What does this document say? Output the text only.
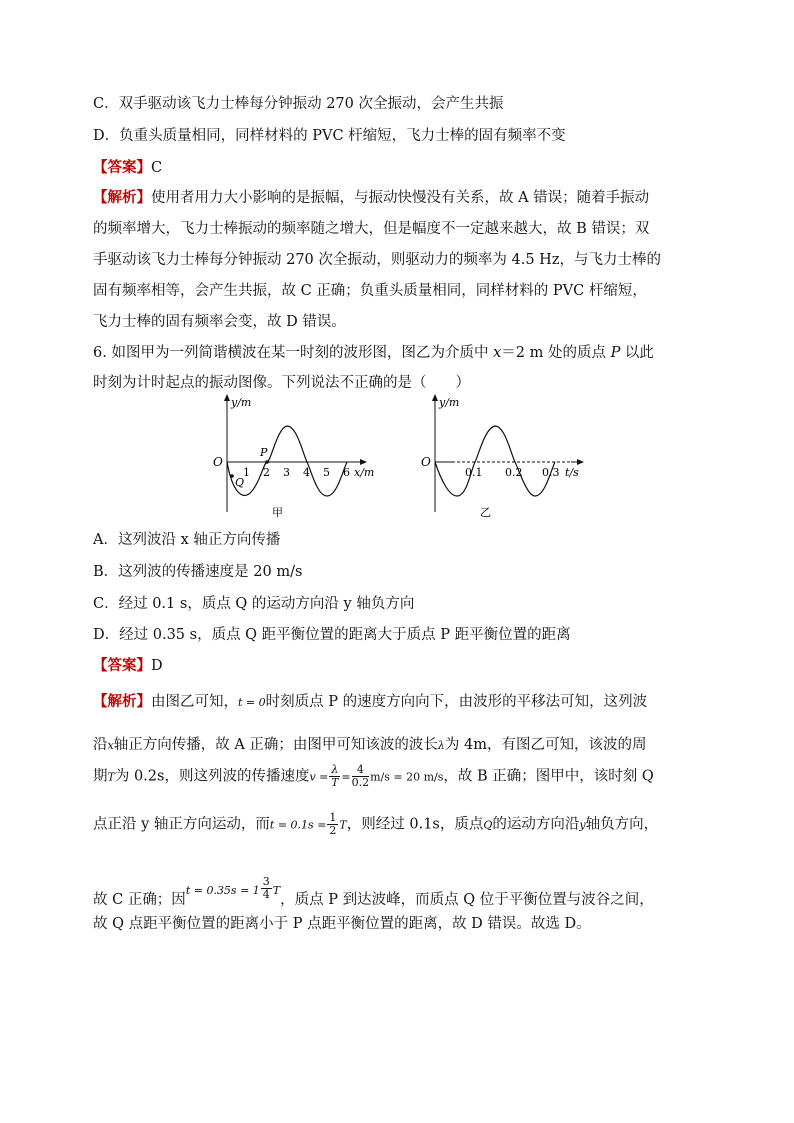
C．双手驱动该飞力士棒每分钟振动 270 次全振动，会产生共振
D．负重头质量相同，同样材料的 PVC 杆缩短，飞力士棒的固有频率不变
【答案】C
【解析】使用者用力大小影响的是振幅，与振动快慢没有关系，故 A 错误；随着手振动
的频率增大，飞力士棒振动的频率随之增大，但是幅度不一定越来越大，故 B 错误；双
手驱动该飞力士棒每分钟振动 270 次全振动，则驱动力的频率为 4.5 Hz，与飞力士棒的
固有频率相等，会产生共振，故 C 正确；负重头质量相同，同样材料的 PVC 杆缩短，
飞力士棒的固有频率会变，故 D 错误。
6. 如图甲为一列简谐横波在某一时刻的波形图，图乙为介质中 x＝2 m 处的质点 P 以此
时刻为计时起点的振动图像。下列说法不正确的是（　　）
y/m
O
1 2 3 4 5 6 x/m
P
Q
甲
y/m
O
0.1 0.2 0.3 t/s
乙
A．这列波沿 x 轴正方向传播
B．这列波的传播速度是 20 m/s
C．经过 0.1 s，质点 Q 的运动方向沿 y 轴负方向
D．经过 0.35 s，质点 Q 距平衡位置的距离大于质点 P 距平衡位置的距离
【答案】D
【解析】由图乙可知，t = 0时刻质点 P 的速度方向向下，由波形的平移法可知，这列波
沿x轴正方向传播，故 A 正确；由图甲可知该波的波长λ为 4m，有图乙可知，该波的周
期T为 0.2s，则这列波的传播速度$v = \frac{\lambda}{T} = \frac{4}{0.2} m/s = 20$ m/s，故 B 正确；图甲中，该时刻 Q
点正沿 y 轴正方向运动，而$t = 0.1s = \frac{1}{2}$ T，则经过 0.1s，质点Q的运动方向沿y轴负方向，
故 C 正确；因$^{t = 0.35s = 1} \frac{3}{4} ^T$，质点 P 到达波峰，而质点 Q 位于平衡位置与波谷之间，
故 Q 点距平衡位置的距离小于 P 点距平衡位置的距离，故 D 错误。故选 D。
